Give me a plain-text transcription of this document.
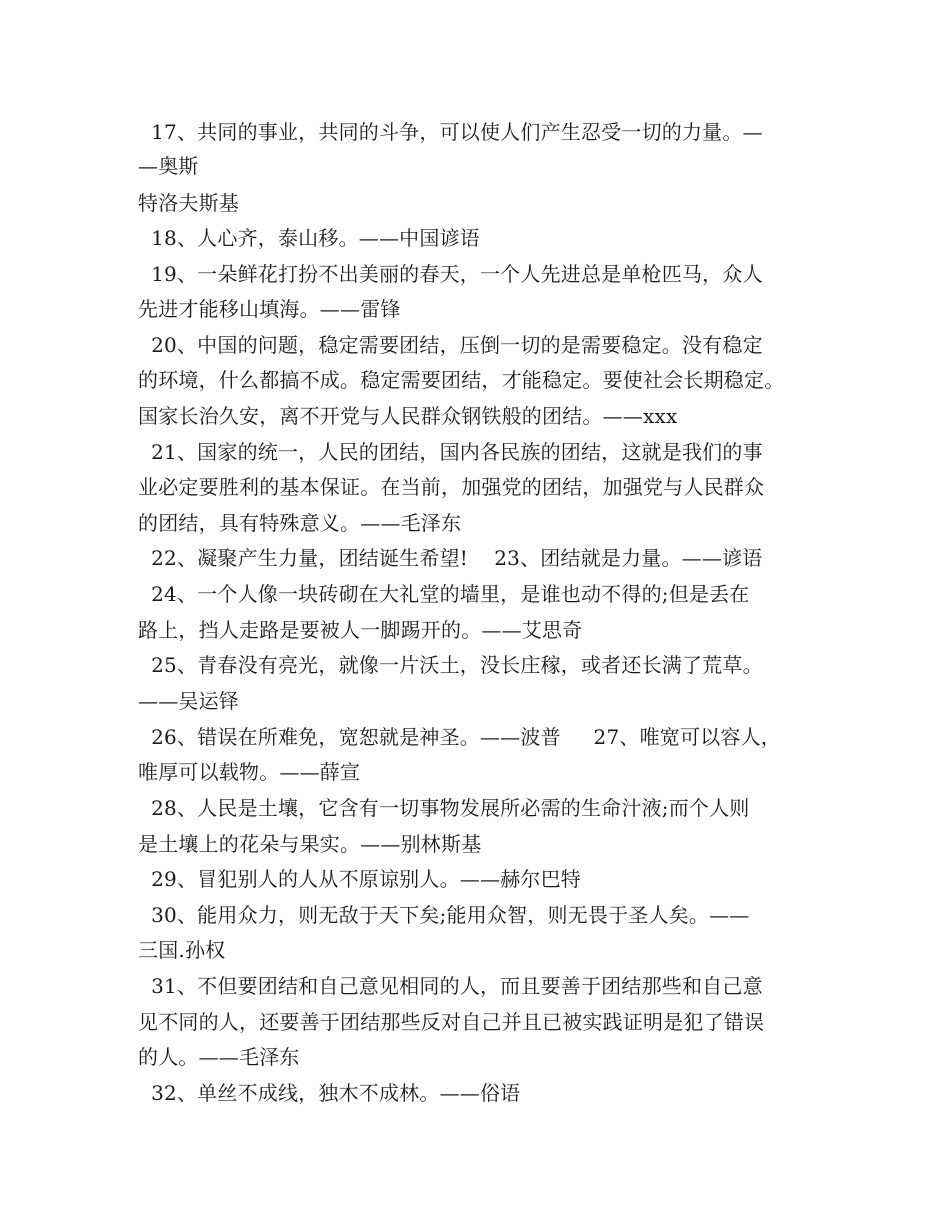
17、共同的事业，共同的斗争，可以使人们产生忍受一切的力量。—
—奥斯
特洛夫斯基
18、人心齐，泰山移。——中国谚语
19、一朵鲜花打扮不出美丽的春天，一个人先进总是单枪匹马，众人
先进才能移山填海。——雷锋
20、中国的问题，稳定需要团结，压倒一切的是需要稳定。没有稳定
的环境，什么都搞不成。稳定需要团结，才能稳定。要使社会长期稳定。
国家长治久安，离不开党与人民群众钢铁般的团结。——xxx
21、国家的统一，人民的团结，国内各民族的团结，这就是我们的事
业必定要胜利的基本保证。在当前，加强党的团结，加强党与人民群众
的团结，具有特殊意义。——毛泽东
22、凝聚产生力量，团结诞生希望!    23、团结就是力量。——谚语
24、一个人像一块砖砌在大礼堂的墙里，是谁也动不得的;但是丢在
路上，挡人走路是要被人一脚踢开的。——艾思奇
25、青春没有亮光，就像一片沃土，没长庄稼，或者还长满了荒草。
——吴运铎
26、错误在所难免，宽恕就是神圣。——波普     27、唯宽可以容人，
唯厚可以载物。——薛宣
28、人民是土壤，它含有一切事物发展所必需的生命汁液;而个人则
是土壤上的花朵与果实。——别林斯基
29、冒犯别人的人从不原谅别人。——赫尔巴特
30、能用众力，则无敌于天下矣;能用众智，则无畏于圣人矣。——
三国.孙权
31、不但要团结和自己意见相同的人，而且要善于团结那些和自己意
见不同的人，还要善于团结那些反对自己并且已被实践证明是犯了错误
的人。——毛泽东
32、单丝不成线，独木不成林。——俗语
